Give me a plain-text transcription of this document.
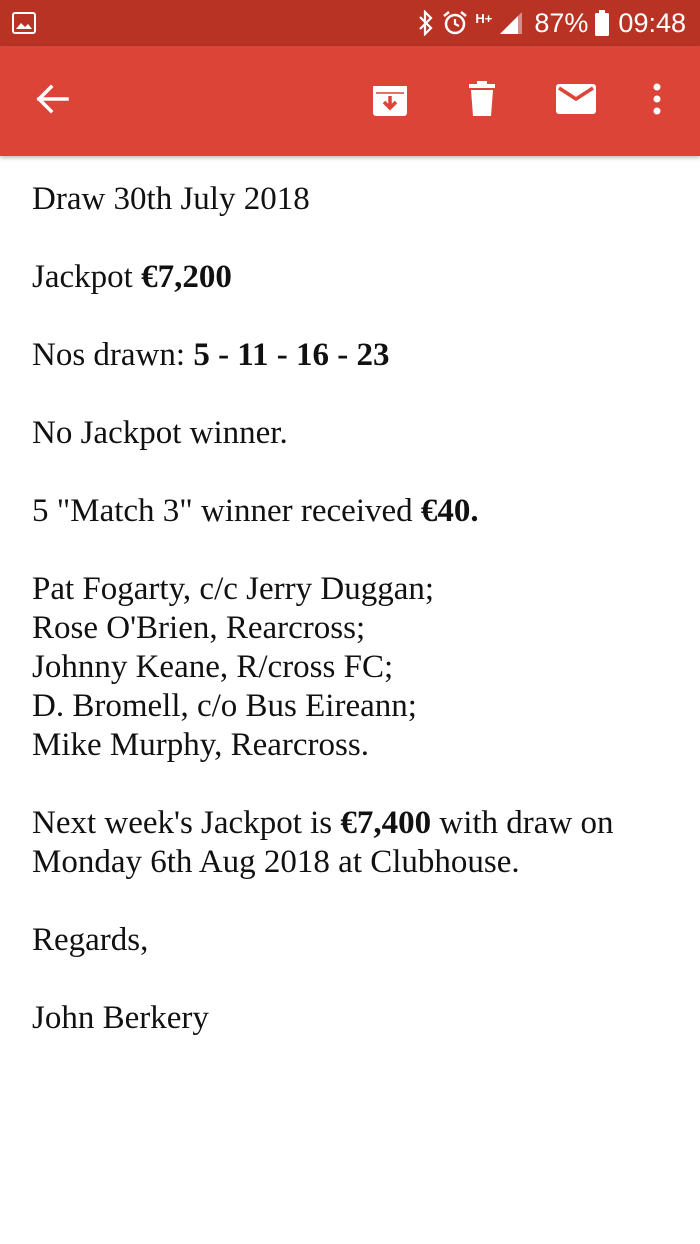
H+ 87% 09:48

Draw 30th July 2018

Jackpot €7,200

Nos drawn: 5 - 11 - 16 - 23

No Jackpot winner.

5 "Match 3" winner received €40.

Pat Fogarty, c/c Jerry Duggan;
Rose O'Brien, Rearcross;
Johnny Keane, R/cross FC;
D. Bromell, c/o Bus Eireann;
Mike Murphy, Rearcross.

Next week's Jackpot is €7,400 with draw on Monday 6th Aug 2018 at Clubhouse.

Regards,

John Berkery
